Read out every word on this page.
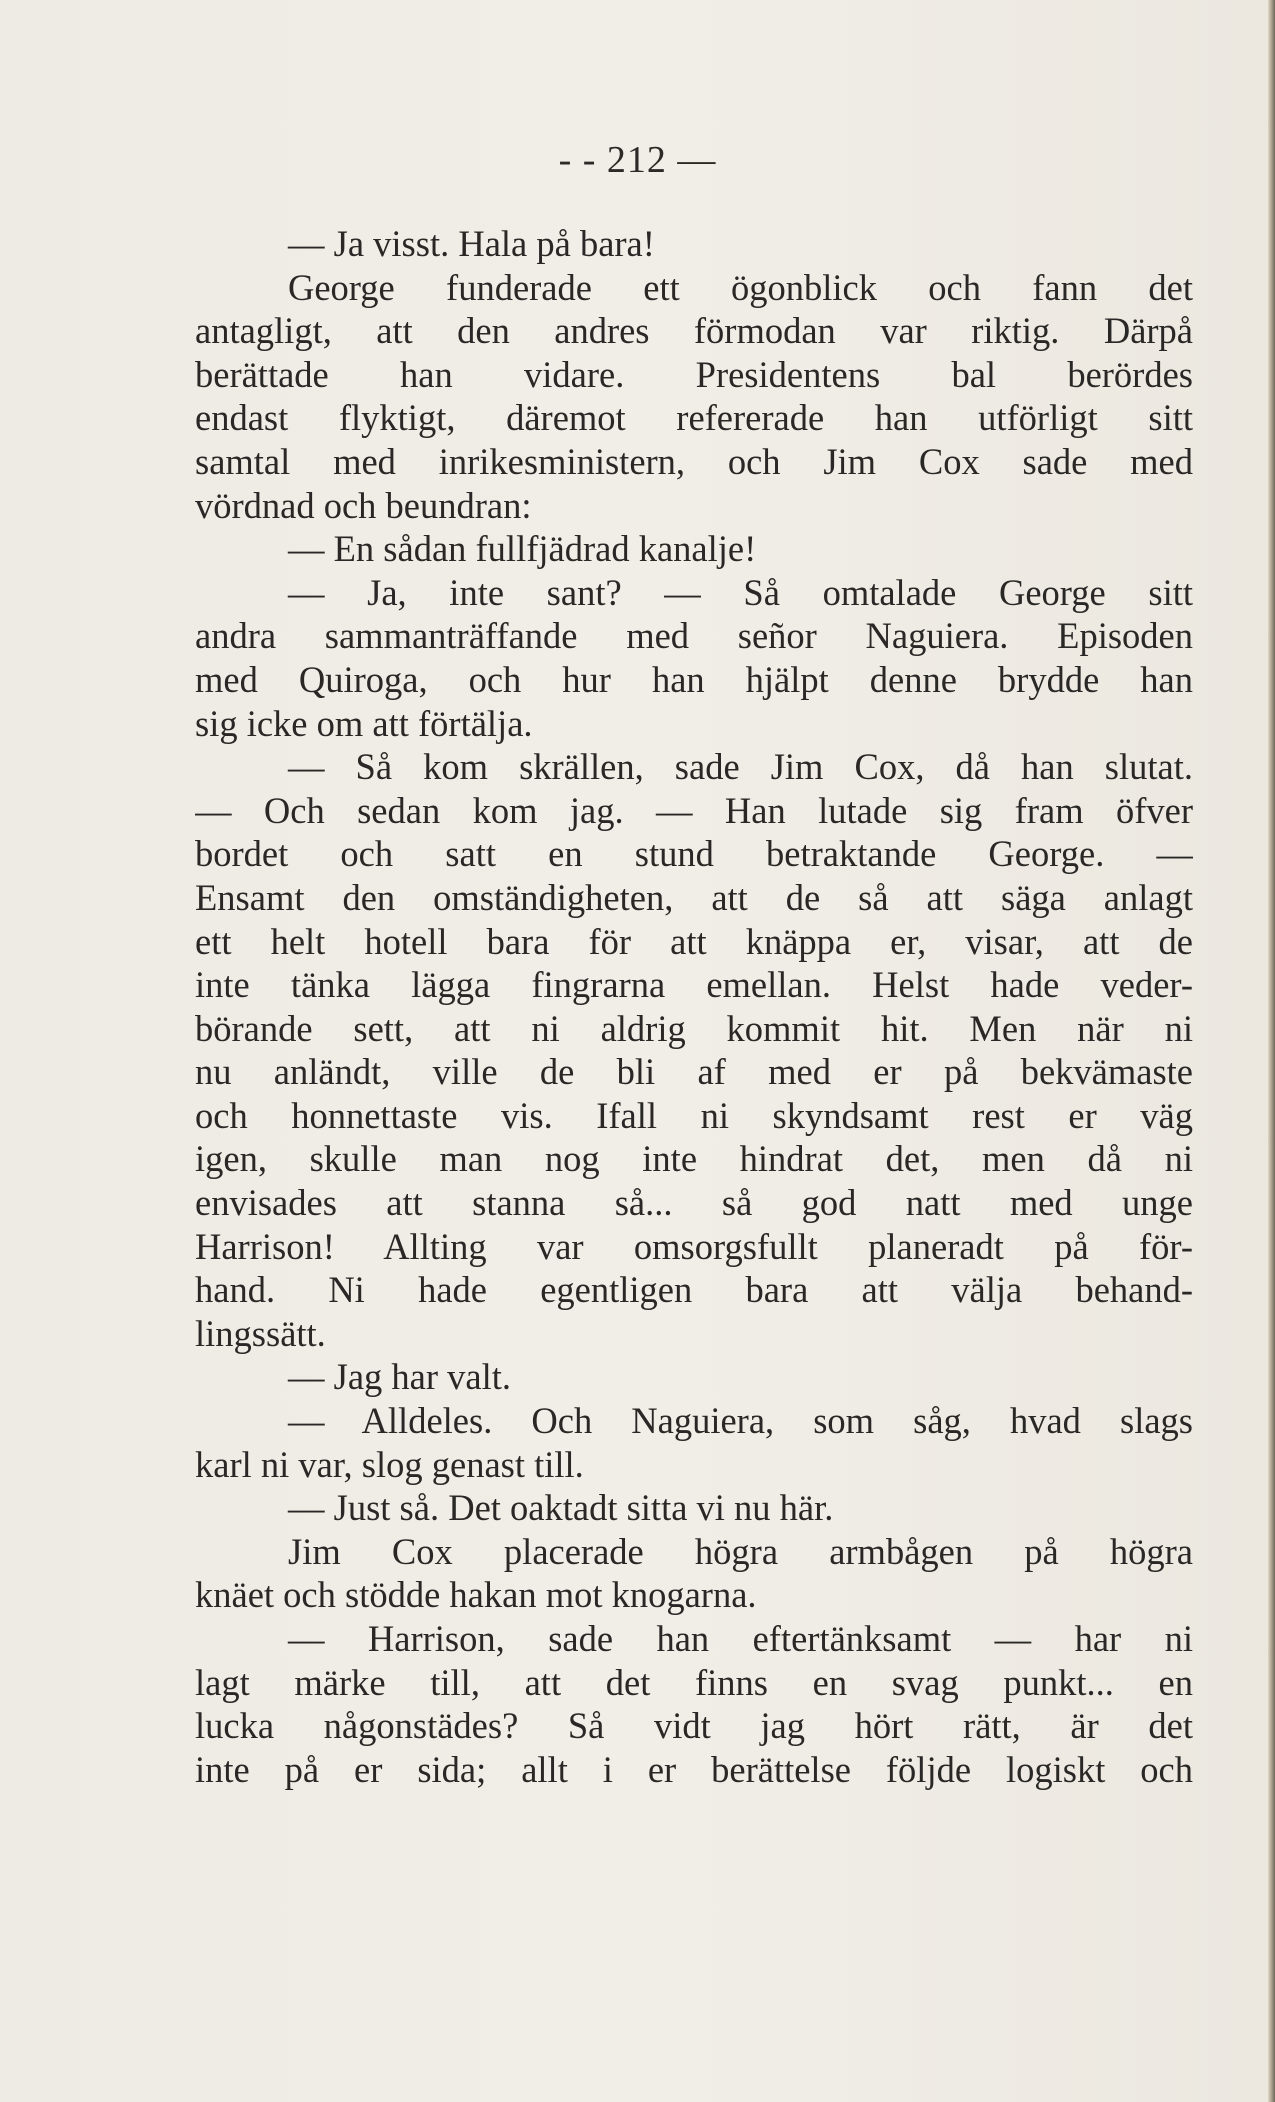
- - 212 —
— Ja visst. Hala på bara!
George funderade ett ögonblick och fann det
antagligt, att den andres förmodan var riktig. Därpå
berättade han vidare. Presidentens bal berördes
endast flyktigt, däremot refererade han utförligt sitt
samtal med inrikesministern, och Jim Cox sade med
vördnad och beundran:
— En sådan fullfjädrad kanalje!
— Ja, inte sant? — Så omtalade George sitt
andra sammanträffande med señor Naguiera. Episoden
med Quiroga, och hur han hjälpt denne brydde han
sig icke om att förtälja.
— Så kom skrällen, sade Jim Cox, då han slutat.
— Och sedan kom jag. — Han lutade sig fram öfver
bordet och satt en stund betraktande George. —
Ensamt den omständigheten, att de så att säga anlagt
ett helt hotell bara för att knäppa er, visar, att de
inte tänka lägga fingrarna emellan. Helst hade veder-
börande sett, att ni aldrig kommit hit. Men när ni
nu anländt, ville de bli af med er på bekvämaste
och honnettaste vis. Ifall ni skyndsamt rest er väg
igen, skulle man nog inte hindrat det, men då ni
envisades att stanna så... så god natt med unge
Harrison! Allting var omsorgsfullt planeradt på för-
hand. Ni hade egentligen bara att välja behand-
lingssätt.
— Jag har valt.
— Alldeles. Och Naguiera, som såg, hvad slags
karl ni var, slog genast till.
— Just så. Det oaktadt sitta vi nu här.
Jim Cox placerade högra armbågen på högra
knäet och stödde hakan mot knogarna.
— Harrison, sade han eftertänksamt — har ni
lagt märke till, att det finns en svag punkt... en
lucka någonstädes? Så vidt jag hört rätt, är det
inte på er sida; allt i er berättelse följde logiskt och
